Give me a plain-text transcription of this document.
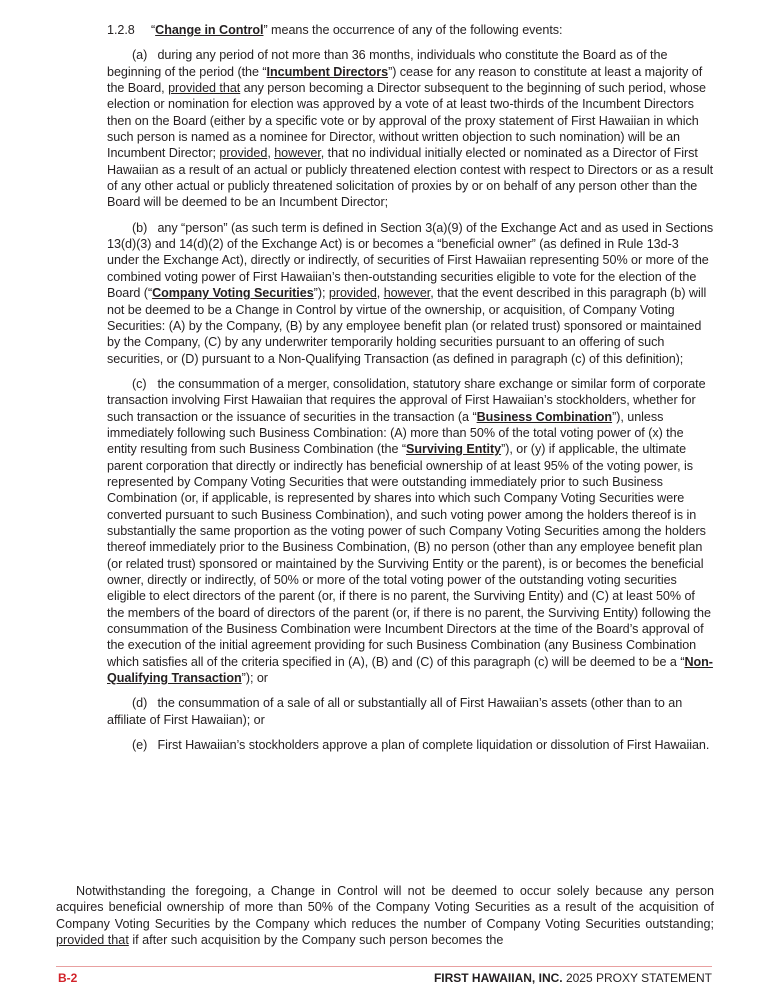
1.2.8 “Change in Control” means the occurrence of any of the following events:

(a) during any period of not more than 36 months, individuals who constitute the Board as of the beginning of the period (the “Incumbent Directors”) cease for any reason to constitute at least a majority of the Board, provided that any person becoming a Director subsequent to the beginning of such period, whose election or nomination for election was approved by a vote of at least two-thirds of the Incumbent Directors then on the Board (either by a specific vote or by approval of the proxy statement of First Hawaiian in which such person is named as a nominee for Director, without written objection to such nomination) will be an Incumbent Director; provided, however, that no individual initially elected or nominated as a Director of First Hawaiian as a result of an actual or publicly threatened election contest with respect to Directors or as a result of any other actual or publicly threatened solicitation of proxies by or on behalf of any person other than the Board will be deemed to be an Incumbent Director;

(b) any “person” (as such term is defined in Section 3(a)(9) of the Exchange Act and as used in Sections 13(d)(3) and 14(d)(2) of the Exchange Act) is or becomes a “beneficial owner” (as defined in Rule 13d-3 under the Exchange Act), directly or indirectly, of securities of First Hawaiian representing 50% or more of the combined voting power of First Hawaiian’s then-outstanding securities eligible to vote for the election of the Board (“Company Voting Securities”); provided, however, that the event described in this paragraph (b) will not be deemed to be a Change in Control by virtue of the ownership, or acquisition, of Company Voting Securities: (A) by the Company, (B) by any employee benefit plan (or related trust) sponsored or maintained by the Company, (C) by any underwriter temporarily holding securities pursuant to an offering of such securities, or (D) pursuant to a Non-Qualifying Transaction (as defined in paragraph (c) of this definition);

(c) the consummation of a merger, consolidation, statutory share exchange or similar form of corporate transaction involving First Hawaiian that requires the approval of First Hawaiian’s stockholders, whether for such transaction or the issuance of securities in the transaction (a “Business Combination”), unless immediately following such Business Combination: (A) more than 50% of the total voting power of (x) the entity resulting from such Business Combination (the “Surviving Entity”), or (y) if applicable, the ultimate parent corporation that directly or indirectly has beneficial ownership of at least 95% of the voting power, is represented by Company Voting Securities that were outstanding immediately prior to such Business Combination (or, if applicable, is represented by shares into which such Company Voting Securities were converted pursuant to such Business Combination), and such voting power among the holders thereof is in substantially the same proportion as the voting power of such Company Voting Securities among the holders thereof immediately prior to the Business Combination, (B) no person (other than any employee benefit plan (or related trust) sponsored or maintained by the Surviving Entity or the parent), is or becomes the beneficial owner, directly or indirectly, of 50% or more of the total voting power of the outstanding voting securities eligible to elect directors of the parent (or, if there is no parent, the Surviving Entity) and (C) at least 50% of the members of the board of directors of the parent (or, if there is no parent, the Surviving Entity) following the consummation of the Business Combination were Incumbent Directors at the time of the Board’s approval of the execution of the initial agreement providing for such Business Combination (any Business Combination which satisfies all of the criteria specified in (A), (B) and (C) of this paragraph (c) will be deemed to be a “Non-Qualifying Transaction”); or

(d) the consummation of a sale of all or substantially all of First Hawaiian’s assets (other than to an affiliate of First Hawaiian); or

(e) First Hawaiian’s stockholders approve a plan of complete liquidation or dissolution of First Hawaiian.

Notwithstanding the foregoing, a Change in Control will not be deemed to occur solely because any person acquires beneficial ownership of more than 50% of the Company Voting Securities as a result of the acquisition of Company Voting Securities by the Company which reduces the number of Company Voting Securities outstanding; provided that if after such acquisition by the Company such person becomes the

B-2	FIRST HAWAIIAN, INC. 2025 PROXY STATEMENT
